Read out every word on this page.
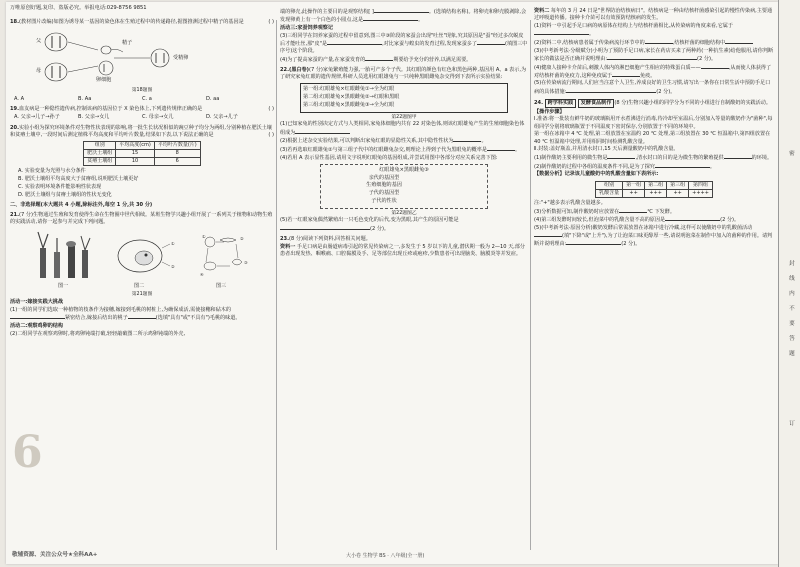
万唯原创好题,复印、盗版必究。举报电话:029-8756 9851

18.(教材图片改编)如图为诱导某一基因的染色体在生殖过程中的传递路径,据图推测过程中精子的基因是	( )

父
母
精子
卵细胞
受精卵
第18题图
A. A	B. Aa	C. a	D. aa

19.血友病是一种隐性遗传病,控制该病的基因位于 X 染色体上,下列遗传规律正确的是	( )

A. 父亲→儿子→孙子	B. 父亲→女儿	C. 母亲→女儿	D. 父亲→儿子

20.实验小组为探究环境条件对生物性状表现的影响,将一批生长状况相似的豌豆种子均分为两组,分别种植在肥沃土壤和贫瘠土壤中,一段时间后测定植株平均高度和平均叶片数量,结果如下表,以下说法正确的是	( )

组别	平均高度(cm)	平均叶片数量(片)
肥沃土壤组	15	8
贫瘠土壤组	10	6

A. 实验变量为光照与水分条件

B. 肥沃土壤组平均高度大于贫瘠组,说明肥沃土壤更好

C. 实验表明环境条件能影响性状表现

D. 肥沃土壤组与贫瘠土壤组的性状无变化

二、非选择题(本大题共 4 小题,除标注外,每空 1 分,共 30 分)

21.(7 分)生物通过生殖和发育使得生命在生物圈中世代相续。某班生物学兴趣小组开展了一系列关于植物和动物生殖的实践活动,请你一起参与并完成下列问题。

①
②
①	②
③
④
图一	图二	图三
第21题图

活动一:嫁接实践大挑战

(1)一组的同学们选取一种植物的枝条作为接穗,嫁接到毛桃的树桩上,为确保成活,需使接穗和砧木的紧密结合,嫁接后结出的桃子	(选填"具有"或"不具有")毛桃的味道。

活动二:观察鸡卵的结构

(2)二组同学在观察鸡卵时,将鸡卵钝端打破,轻轻敲破图二所示鸡卵钝端的外壳,

端的卵壳,此操作的主要目的是观察结构[ ]	。(选填结构名称)。将卵壳和卵壳膜剥除,会发现卵黄上有一个白色的小圆点,这是	。

活动三:家蚕饲养观察记

(3)三组同学在饲养家蚕的过程中留意到,图三中③阶段的家蚕会出现"吐丝"现象,究其原因是"蚕"经过多次蜕皮后才能吐丝,那"皮"是	,对比家蚕与蝗虫的发育过程,发现家蚕多了	(填图三中序号)这个阶段。

(4)为了提高家蚕的产量,在家蚕发育的	期要给予充分的营养,以满足需要。

22.(黑白卷)(7 分)家兔繁殖能力强,一胎可产多个子代。其红眼的颜色有红色和黑色两种,基因用 A、a 表示,为了研究家兔红眼的遗传规律,科研人员选用红眼雄兔与一只纯种黑眼雌兔杂交得到下表所示实验结果:

第一组:红眼雄兔×红眼雌兔①→全为红眼

第二组:红眼雄兔×黑眼雌兔②→红眼和黑眼

第三组:红眼雄兔×黑眼雌兔③→全为红眼

第22题图甲

(1)已知家兔的性别决定方式与人类相同,家兔体细胞内共有 22 对染色体,则该红眼雄兔产生的生殖细胞染色体组成为

(2)根据上述杂交实验结果,可以判断出家兔红眼的显隐性关系,其中隐性性状为	。

(3)若再选取红眼雄兔②与第三组子代中的红眼雌兔杂交,则理论上得到子代为黑眼兔的概率是	。

(4)若用 A 表示显性基因,请用文字说明红眼兔的基因组成,并尝试用图中各部分对应关系完善下图:

红眼雄兔×黑眼雌兔③

亲代的基因型

生殖细胞的基因

子代的基因型

子代的性状

第22题图乙

(5)若一红眼家兔偶然繁殖出一只毛色变化的后代,变为黑眼,其产生的原因可能是(2 分)。

23.(8 分)阅读下列资料,回答相关问题。

资料一 手足口病是由肠道病毒引起的常见传染病之一,多发生于 5 岁以下的儿童,潜伏期一般为 2—10 天,部分患者出现发热、咽喉痛、口腔黏膜及手、足等部位出现丘疹或疱疹,少数患者可出现脑炎、脑膜炎等并发症。

资料二 每年的 3 月 24 日是"世界防治结核病日"。结核病是一种由结核杆菌感染引起的慢性传染病,主要通过呼吸道传播。接种卡介苗可以有效预防结核病的发生。

(1)资料一中引起手足口病的病原体在结构上与结核杆菌相比,从传染病的角度来看,它属于。

(2)资料二中,结核病患者属于传染病流行环节中的	,结核杆菌的细胞结构中

(3)(中考新考法·分级赋分)小明为了预防手足口病,家长在药店买来了两种药(一种抗生素)给他服用,请你判断家长的做法是否正确并说明理由:	(2 分)。

(4)健康人接种卡介苗后,刺激人体内的淋巴细胞产生相应的特殊蛋白质——	,从而使人体获得了对结核杆菌的免疫力,这种免疫属于	免疫。

(5)在传染病流行期间,人们应当注意个人卫生,养成良好的卫生习惯,请写出一条你在日常生活中预防手足口病的具体措施:	(2 分)。

24. 跨学科实践 发酵食品制作 (8 分)生物兴趣小组的同学分为不同的小组进行自制酸奶的实践活动。

【操作步骤】

Ⅰ.准备:将一批装有鲜牛奶的玻璃瓶用开水煮沸进行消毒,待冷却至室温后,分别加入等量的酸奶作为"菌种",每组同学分别将玻璃瓶置于不同温度下密封保存,分别放置于不同的环境中。

第一组在冰箱中 4 ℃ 处理,第二组放置在室温约 20 ℃ 处理,第三组放置在 30 ℃ 恒温箱中,第四组放置在 40 ℃ 恒温箱中处理,并用相同时间检测乳酸含量。

Ⅱ.封装:盖好瓶盖,并用清水封口,15 天后测量酸奶中的乳酸含量。

(1)制作酸奶主要利用的微生物是	,清水封口的目的是为微生物的繁殖提供	的环境。

(2)制作酸奶的过程中各组的温度条件不同,是为了探究	。

【数据分析】记录该儿童酸奶中的乳酸含量如下表所示:

组别	第一组	第二组	第三组	第四组
乳酸含量	++	+++	++	++++

注:"+"越多表示乳酸含量越多。

(3)分析数据可知,制作酸奶时应放置在	℃ 下发酵。

(4)第三组发酵时间较长,但泡菜中的乳酸含量不高的原因是	(2 分)。

(5)(中考新考法·原因分析)酸奶发酵后常需放置在冰箱中进行冷藏,这样可以使酸奶中的乳酸菌活动(填"下降"或"上升"),为了让泡菜口味更醇厚一些,请说明泡菜在制作中加入的菌种的作用。请判断并说明理由:	(2 分)。

6
敬辅资源、关注公众号★全科AA+	大小卷 生物学 BS · 八年级(全一册)
密
封
线
内
不
要
答
题
订
